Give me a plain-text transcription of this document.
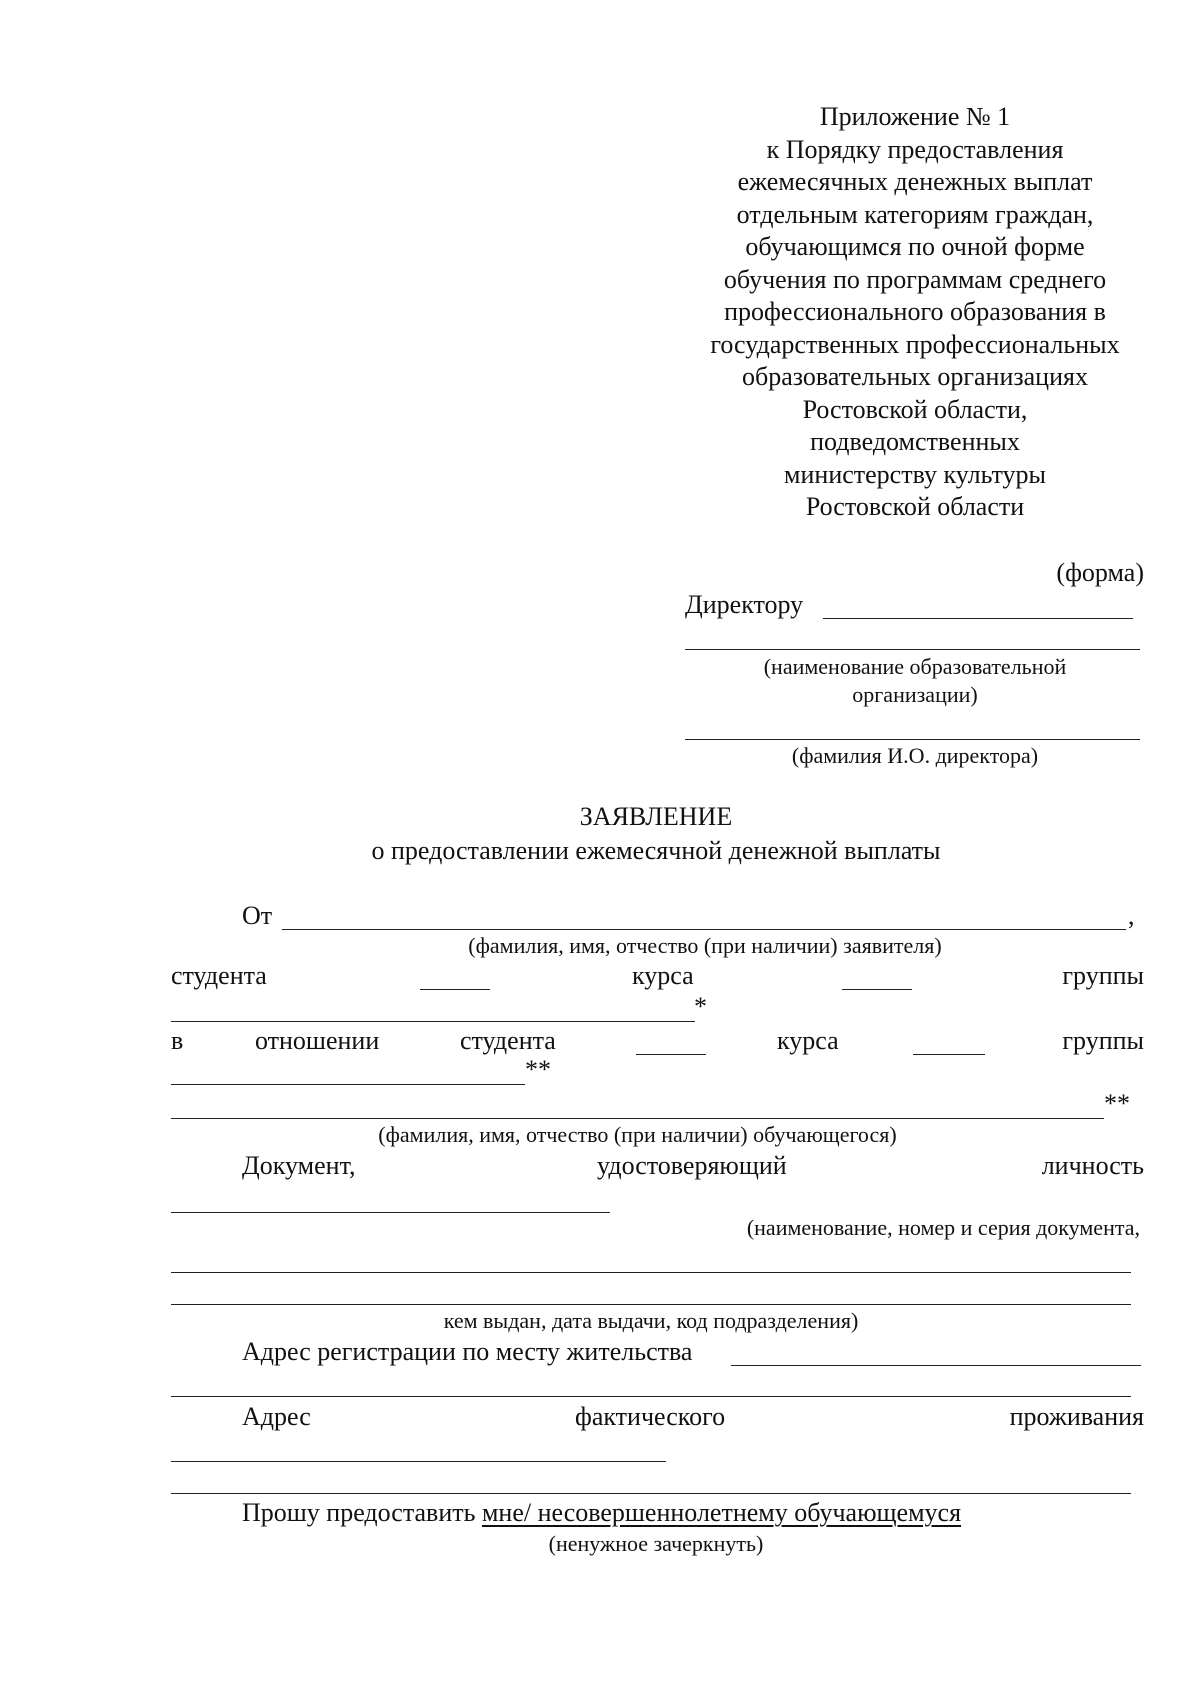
Приложение № 1
к Порядку предоставления
ежемесячных денежных выплат
отдельным категориям граждан,
обучающимся по очной форме
обучения по программам среднего
профессионального образования в
государственных профессиональных
образовательных организациях
Ростовской области,
подведомственных
министерству культуры
Ростовской области
(форма)
Директору
(наименование образовательной
организации)
(фамилия И.О. директора)
ЗАЯВЛЕНИЕ
о предоставлении ежемесячной денежной выплаты
От	,
(фамилия, имя, отчество (при наличии) заявителя)
студента	курса	группы
*
в	отношении	студента	курса	группы
**
**
(фамилия, имя, отчество (при наличии) обучающегося)
Документ,	удостоверяющий	личность
(наименование, номер и серия документа,
кем выдан, дата выдачи, код подразделения)
Адрес регистрации по месту жительства
Адрес	фактического	проживания
Прошу предоставить мне/ несовершеннолетнему обучающемуся
(ненужное зачеркнуть)
